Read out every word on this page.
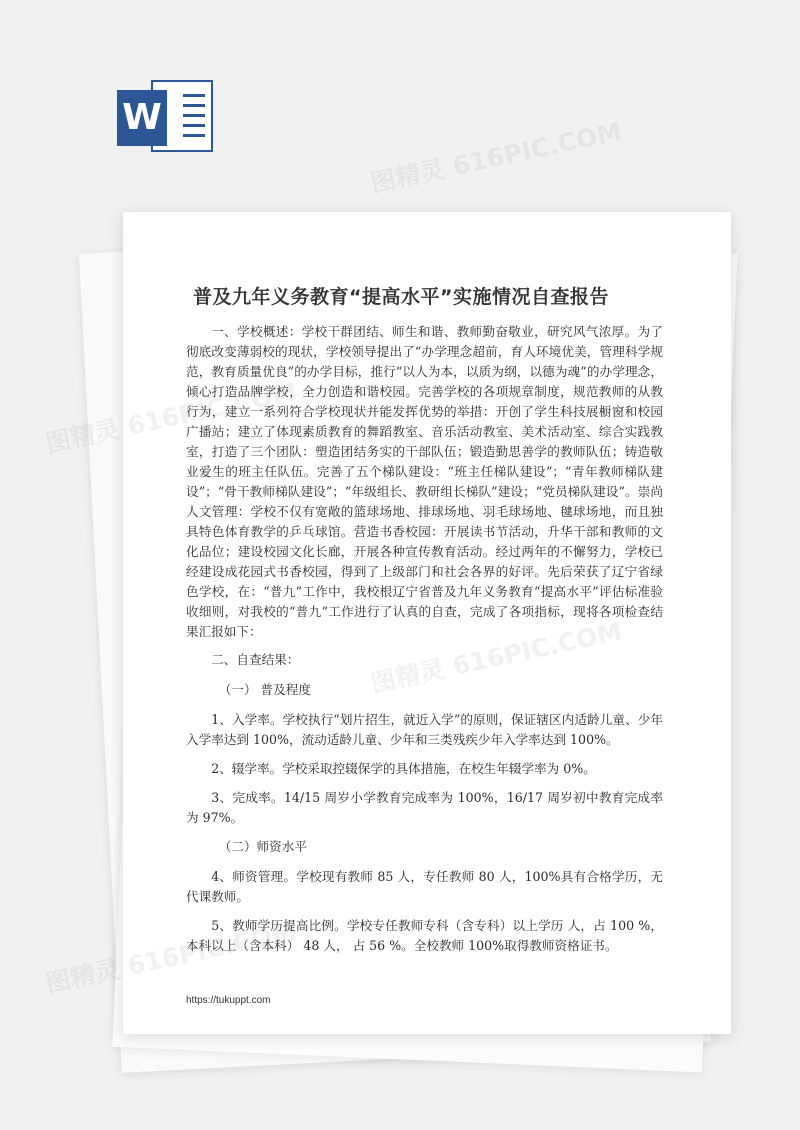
W
普及九年义务教育“提高水平”实施情况自查报告

一、学校概述：学校干群团结、师生和谐、教师勤奋敬业，研究风气浓厚。为了彻底改变薄弱校的现状，学校领导提出了“办学理念超前，育人环境优美，管理科学规范，教育质量优良”的办学目标，推行“以人为本，以质为纲，以德为魂”的办学理念，倾心打造品牌学校，全力创造和谐校园。完善学校的各项规章制度，规范教师的从教行为，建立一系列符合学校现状并能发挥优势的举措：开创了学生科技展橱窗和校园广播站；建立了体现素质教育的舞蹈教室、音乐活动教室、美术活动室、综合实践教室，打造了三个团队：塑造团结务实的干部队伍；锻造勤思善学的教师队伍；铸造敬业爱生的班主任队伍。完善了五个梯队建设：“班主任梯队建设”；“青年教师梯队建设”；“骨干教师梯队建设”；“年级组长、教研组长梯队”建设；“党员梯队建设”。崇尚人文管理：学校不仅有宽敞的篮球场地、排球场地、羽毛球场地、毽球场地，而且独具特色体育教学的乒乓球馆。营造书香校园：开展读书节活动，升华干部和教师的文化品位；建设校园文化长廊，开展各种宣传教育活动。经过两年的不懈努力，学校已经建设成花园式书香校园，得到了上级部门和社会各界的好评。先后荣获了辽宁省绿色学校，在：“普九”工作中，我校根辽宁省普及九年义务教育“提高水平”评估标准验收细则，对我校的“普九”工作进行了认真的自查，完成了各项指标，现将各项检查结果汇报如下：

二、自查结果：

（一） 普及程度

1、入学率。学校执行“划片招生，就近入学”的原则，保证辖区内适龄儿童、少年入学率达到 100%，流动适龄儿童、少年和三类残疾少年入学率达到 100%。

2、辍学率。学校采取控辍保学的具体措施，在校生年辍学率为 0%。

3、完成率。14/15 周岁小学教育完成率为 100%，16/17 周岁初中教育完成率为 97%。

（二）师资水平

4、师资管理。学校现有教师 85 人，专任教师 80 人，100%具有合格学历，无代课教师。

5、教师学历提高比例。学校专任教师专科（含专科）以上学历 人，占 100 %， 本科以上（含本科） 48 人， 占 56 %。全校教师 100%取得教师资格证书。

https://tukuppt.com
图精灵 616PIC.COM
图精灵
图精灵
